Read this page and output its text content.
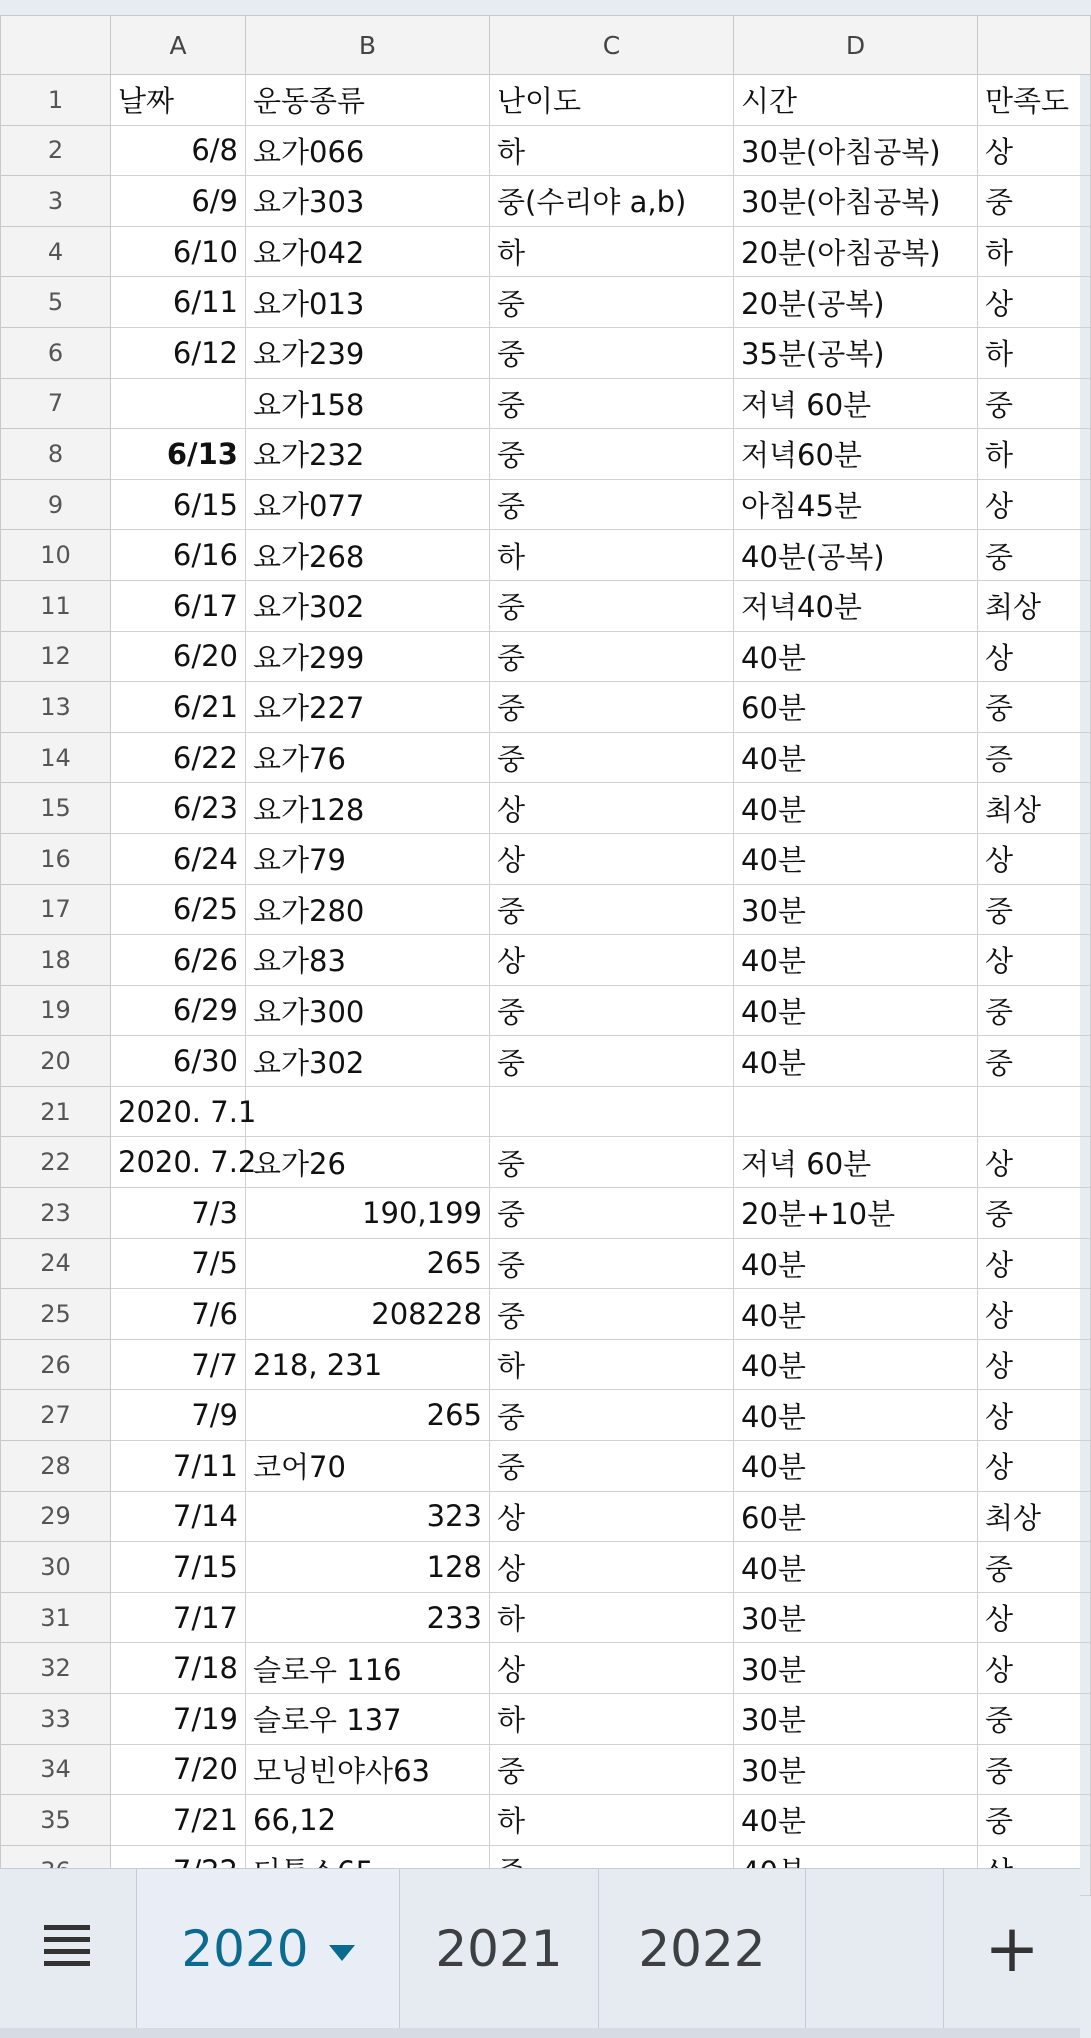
	A	B	C	D	
1	날짜	운동종류	난이도	시간	만족도
2	6/8	요가066	하	30분(아침공복)	상
3	6/9	요가303	중(수리야 a,b)	30분(아침공복)	중
4	6/10	요가042	하	20분(아침공복)	하
5	6/11	요가013	중	20분(공복)	상
6	6/12	요가239	중	35분(공복)	하
7		요가158	중	저녁 60분	중
8	6/13	요가232	중	저녁60분	하
9	6/15	요가077	중	아침45분	상
10	6/16	요가268	하	40분(공복)	중
11	6/17	요가302	중	저녁40분	최상
12	6/20	요가299	중	40분	상
13	6/21	요가227	중	60분	중
14	6/22	요가76	중	40분	증
15	6/23	요가128	상	40분	최상
16	6/24	요가79	상	40븐	상
17	6/25	요가280	중	30분	중
18	6/26	요가83	상	40분	상
19	6/29	요가300	중	40분	중
20	6/30	요가302	중	40분	중
21	2020. 7.1				
22	2020. 7.2	요가26	중	저녁 60분	상
23	7/3	190,199	중	20분+10분	중
24	7/5	265	중	40분	상
25	7/6	208228	중	40분	상
26	7/7	218, 231	하	40분	상
27	7/9	265	중	40분	상
28	7/11	코어70	중	40분	상
29	7/14	323	상	60분	최상
30	7/15	128	상	40분	중
31	7/17	233	하	30분	상
32	7/18	슬로우 116	상	30분	상
33	7/19	슬로우 137	하	30분	중
34	7/20	모닝빈야사63	중	30분	중
35	7/21	66,12	하	40분	중

2020	2021	2022	+
